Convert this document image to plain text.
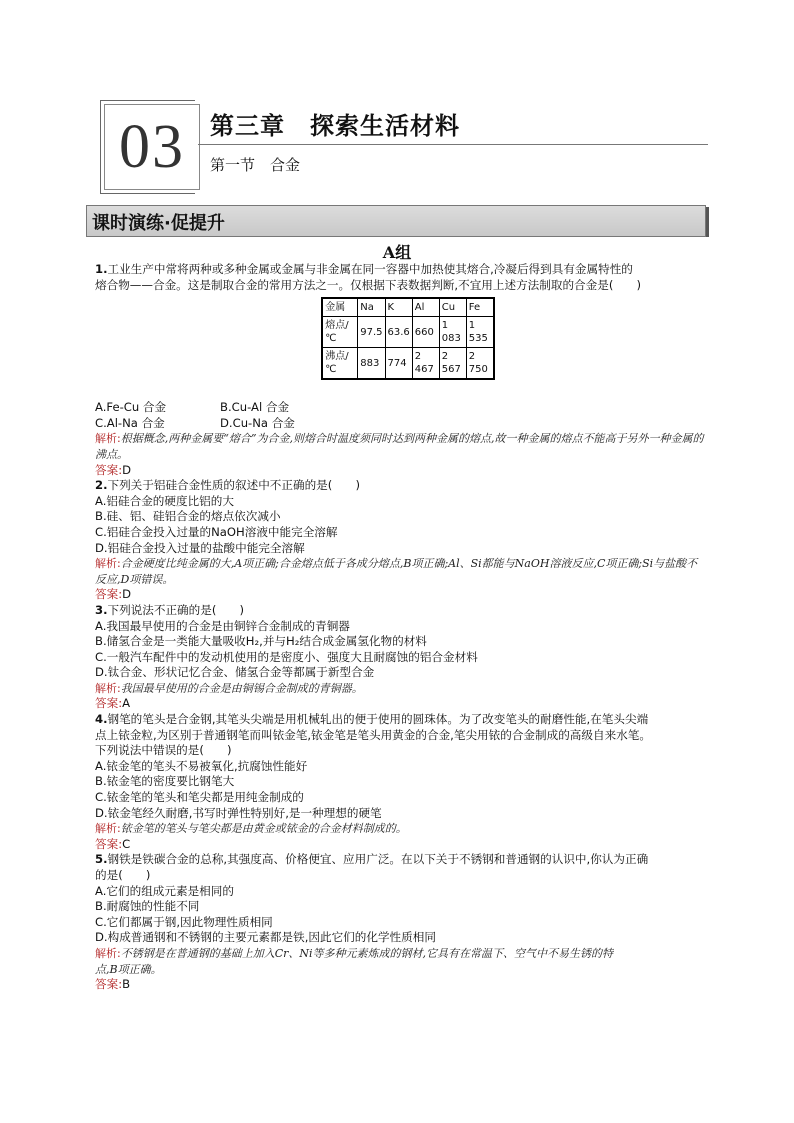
03	第三章　探索生活材料
第一节　合金
课时演练·促提升
A组

1.工业生产中常将两种或多种金属或金属与非金属在同一容器中加热使其熔合,冷凝后得到具有金属特性的

熔合物——合金。这是制取合金的常用方法之一。仅根据下表数据判断,不宜用上述方法制取的合金是(　　)

金属	Na	K	Al	Cu	Fe
熔点/℃	97.5	63.6	660	1 083	1 535
沸点/℃	883	774	2 467	2 567	2 750
A.Fe-Cu 合金	B.Cu-Al 合金
C.Al-Na 合金	D.Cu-Na 合金

解析:根据概念,两种金属要“熔合”为合金,则熔合时温度须同时达到两种金属的熔点,故一种金属的熔点不能高于另外一种金属的沸点。

答案:D

2.下列关于铝硅合金性质的叙述中不正确的是(　　)

A.铝硅合金的硬度比铝的大

B.硅、铝、硅铝合金的熔点依次减小

C.铝硅合金投入过量的NaOH溶液中能完全溶解

D.铝硅合金投入过量的盐酸中能完全溶解

解析:合金硬度比纯金属的大,A项正确;合金熔点低于各成分熔点,B项正确;Al、Si都能与NaOH溶液反应,C项正确;Si与盐酸不反应,D项错误。

答案:D

3.下列说法不正确的是(　　)

A.我国最早使用的合金是由铜锌合金制成的青铜器

B.储氢合金是一类能大量吸收H₂,并与H₂结合成金属氢化物的材料

C.一般汽车配件中的发动机使用的是密度小、强度大且耐腐蚀的铝合金材料

D.钛合金、形状记忆合金、储氢合金等都属于新型合金

解析:我国最早使用的合金是由铜锡合金制成的青铜器。

答案:A

4.钢笔的笔头是合金钢,其笔头尖端是用机械轧出的便于使用的圆珠体。为了改变笔头的耐磨性能,在笔头尖端

点上铱金粒,为区别于普通钢笔而叫铱金笔,铱金笔是笔头用黄金的合金,笔尖用铱的合金制成的高级自来水笔。

下列说法中错误的是(　　)

A.铱金笔的笔头不易被氧化,抗腐蚀性能好

B.铱金笔的密度要比钢笔大

C.铱金笔的笔头和笔尖都是用纯金制成的

D.铱金笔经久耐磨,书写时弹性特别好,是一种理想的硬笔

解析:铱金笔的笔头与笔尖都是由黄金或铱金的合金材料制成的。

答案:C

5.钢铁是铁碳合金的总称,其强度高、价格便宜、应用广泛。在以下关于不锈钢和普通钢的认识中,你认为正确

的是(　　)

A.它们的组成元素是相同的

B.耐腐蚀的性能不同

C.它们都属于钢,因此物理性质相同

D.构成普通钢和不锈钢的主要元素都是铁,因此它们的化学性质相同

解析:不锈钢是在普通钢的基础上加入Cr、Ni等多种元素炼成的钢材,它具有在常温下、空气中不易生锈的特

点,B项正确。

答案:B
